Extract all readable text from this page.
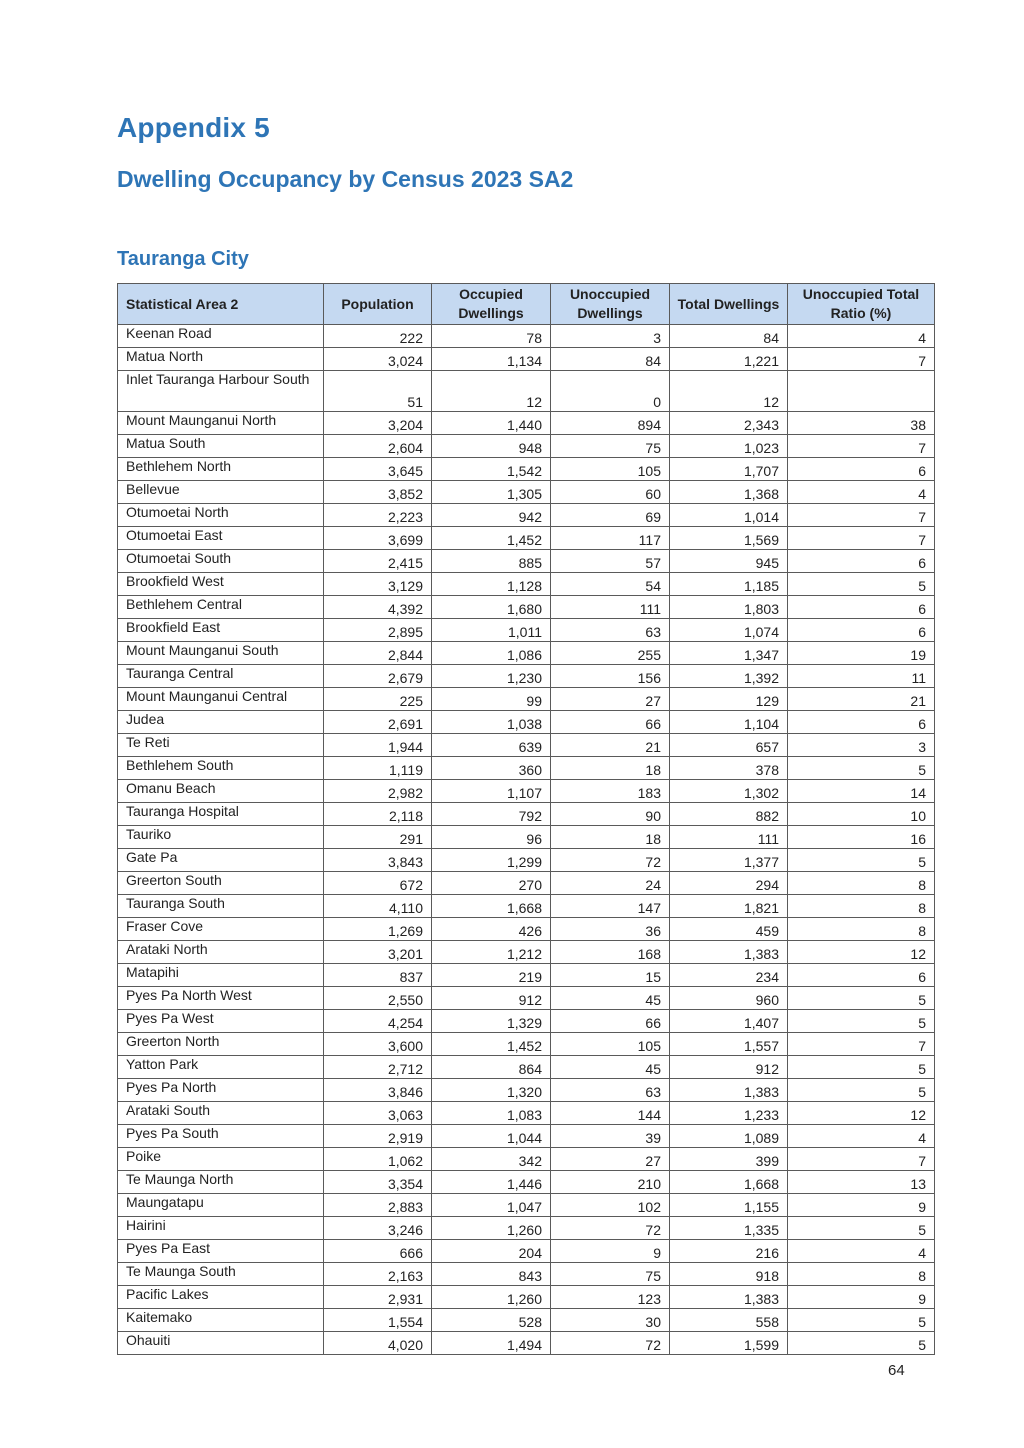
Appendix 5
Dwelling Occupancy by Census 2023 SA2
Tauranga City
Statistical Area 2	Population	Occupied Dwellings	Unoccupied Dwellings	Total Dwellings	Unoccupied Total Ratio (%)
Keenan Road	222	78	3	84	4
Matua North	3,024	1,134	84	1,221	7
Inlet Tauranga Harbour South	51	12	0	12	
Mount Maunganui North	3,204	1,440	894	2,343	38
Matua South	2,604	948	75	1,023	7
Bethlehem North	3,645	1,542	105	1,707	6
Bellevue	3,852	1,305	60	1,368	4
Otumoetai North	2,223	942	69	1,014	7
Otumoetai East	3,699	1,452	117	1,569	7
Otumoetai South	2,415	885	57	945	6
Brookfield West	3,129	1,128	54	1,185	5
Bethlehem Central	4,392	1,680	111	1,803	6
Brookfield East	2,895	1,011	63	1,074	6
Mount Maunganui South	2,844	1,086	255	1,347	19
Tauranga Central	2,679	1,230	156	1,392	11
Mount Maunganui Central	225	99	27	129	21
Judea	2,691	1,038	66	1,104	6
Te Reti	1,944	639	21	657	3
Bethlehem South	1,119	360	18	378	5
Omanu Beach	2,982	1,107	183	1,302	14
Tauranga Hospital	2,118	792	90	882	10
Tauriko	291	96	18	111	16
Gate Pa	3,843	1,299	72	1,377	5
Greerton South	672	270	24	294	8
Tauranga South	4,110	1,668	147	1,821	8
Fraser Cove	1,269	426	36	459	8
Arataki North	3,201	1,212	168	1,383	12
Matapihi	837	219	15	234	6
Pyes Pa North West	2,550	912	45	960	5
Pyes Pa West	4,254	1,329	66	1,407	5
Greerton North	3,600	1,452	105	1,557	7
Yatton Park	2,712	864	45	912	5
Pyes Pa North	3,846	1,320	63	1,383	5
Arataki South	3,063	1,083	144	1,233	12
Pyes Pa South	2,919	1,044	39	1,089	4
Poike	1,062	342	27	399	7
Te Maunga North	3,354	1,446	210	1,668	13
Maungatapu	2,883	1,047	102	1,155	9
Hairini	3,246	1,260	72	1,335	5
Pyes Pa East	666	204	9	216	4
Te Maunga South	2,163	843	75	918	8
Pacific Lakes	2,931	1,260	123	1,383	9
Kaitemako	1,554	528	30	558	5
Ohauiti	4,020	1,494	72	1,599	5
64
